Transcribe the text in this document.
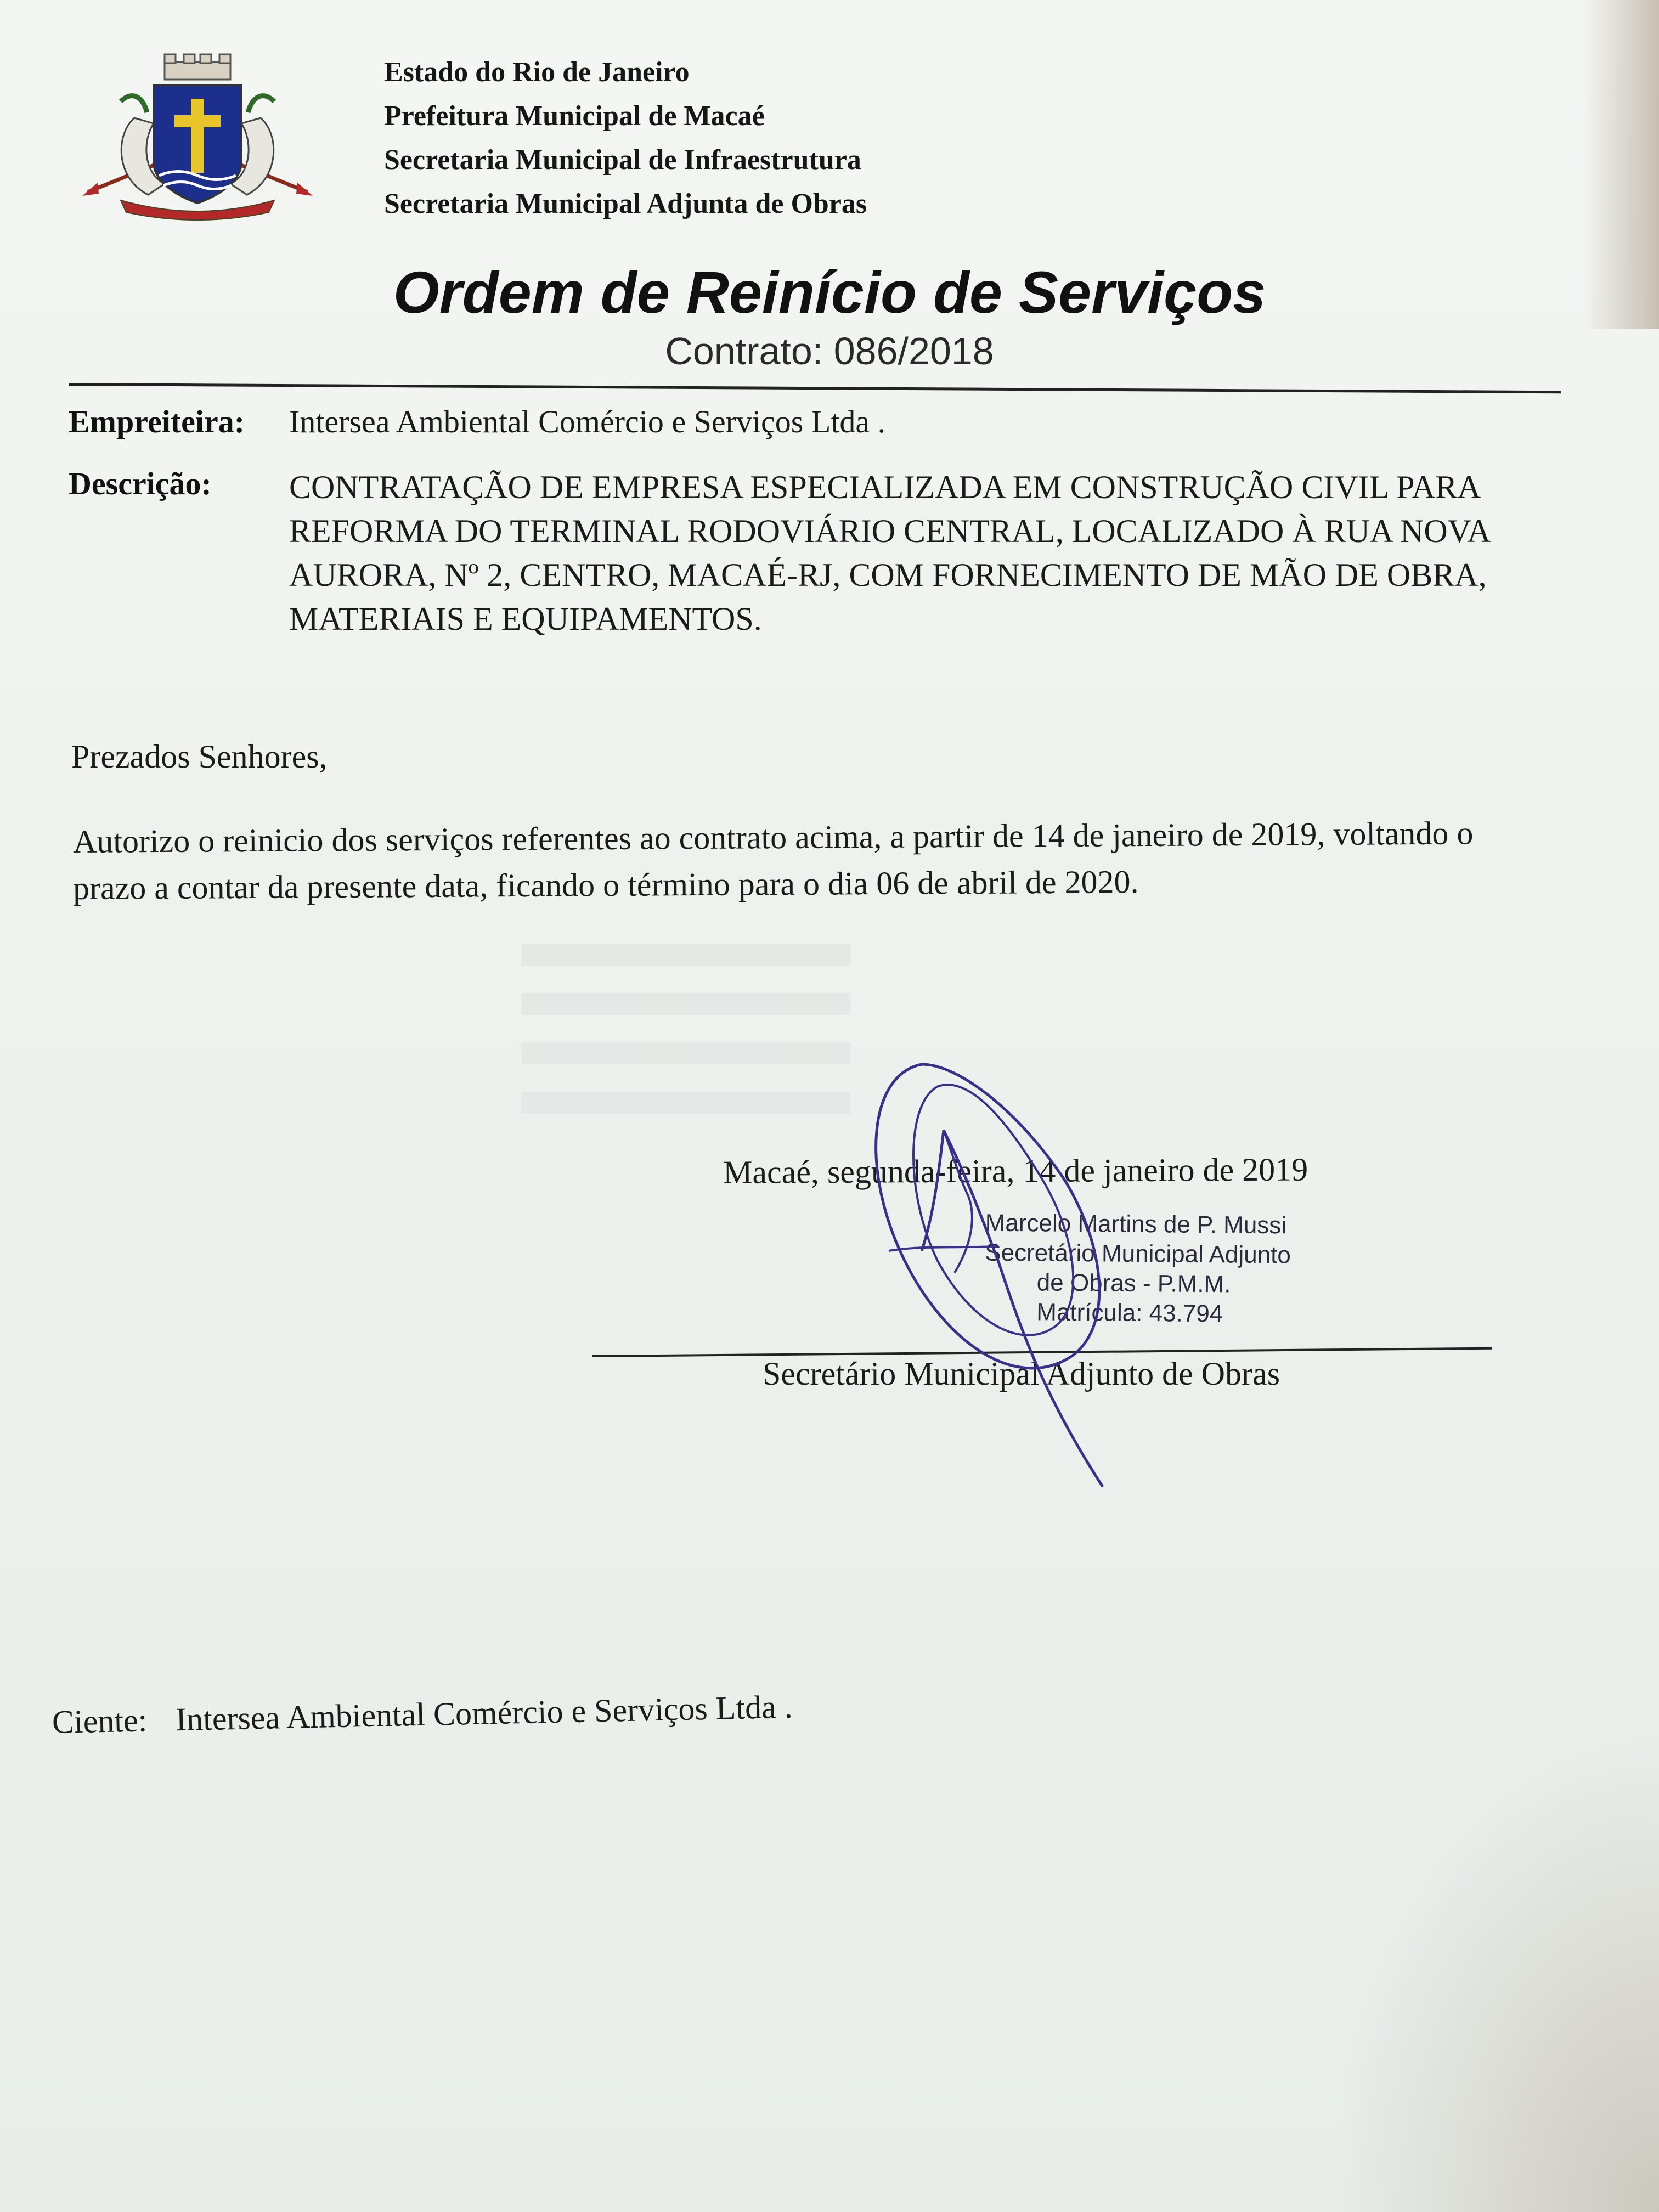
Estado do Rio de Janeiro
Prefeitura Municipal de Macaé
Secretaria Municipal de Infraestrutura
Secretaria Municipal Adjunta de Obras
Ordem de Reinício de Serviços
Contrato: 086/2018
Empreiteira: Intersea Ambiental Comércio e Serviços Ltda .
Descrição: CONTRATAÇÃO DE EMPRESA ESPECIALIZADA EM CONSTRUÇÃO CIVIL PARA
REFORMA DO TERMINAL RODOVIÁRIO CENTRAL, LOCALIZADO À RUA NOVA
AURORA, Nº 2, CENTRO, MACAÉ-RJ, COM FORNECIMENTO DE MÃO DE OBRA,
MATERIAIS E EQUIPAMENTOS.
Prezados Senhores,
Autorizo o reinicio dos serviços referentes ao contrato acima, a partir de 14 de janeiro de 2019, voltando o
prazo a contar da presente data, ficando o término para o dia 06 de abril de 2020.
Macaé, segunda-feira, 14 de janeiro de 2019
Marcelo Martins de P. Mussi
Secretário Municipal Adjunto
de Obras - P.M.M.
Matrícula: 43.794
Secretário Municipal Adjunto de Obras
Ciente: Intersea Ambiental Comércio e Serviços Ltda .
